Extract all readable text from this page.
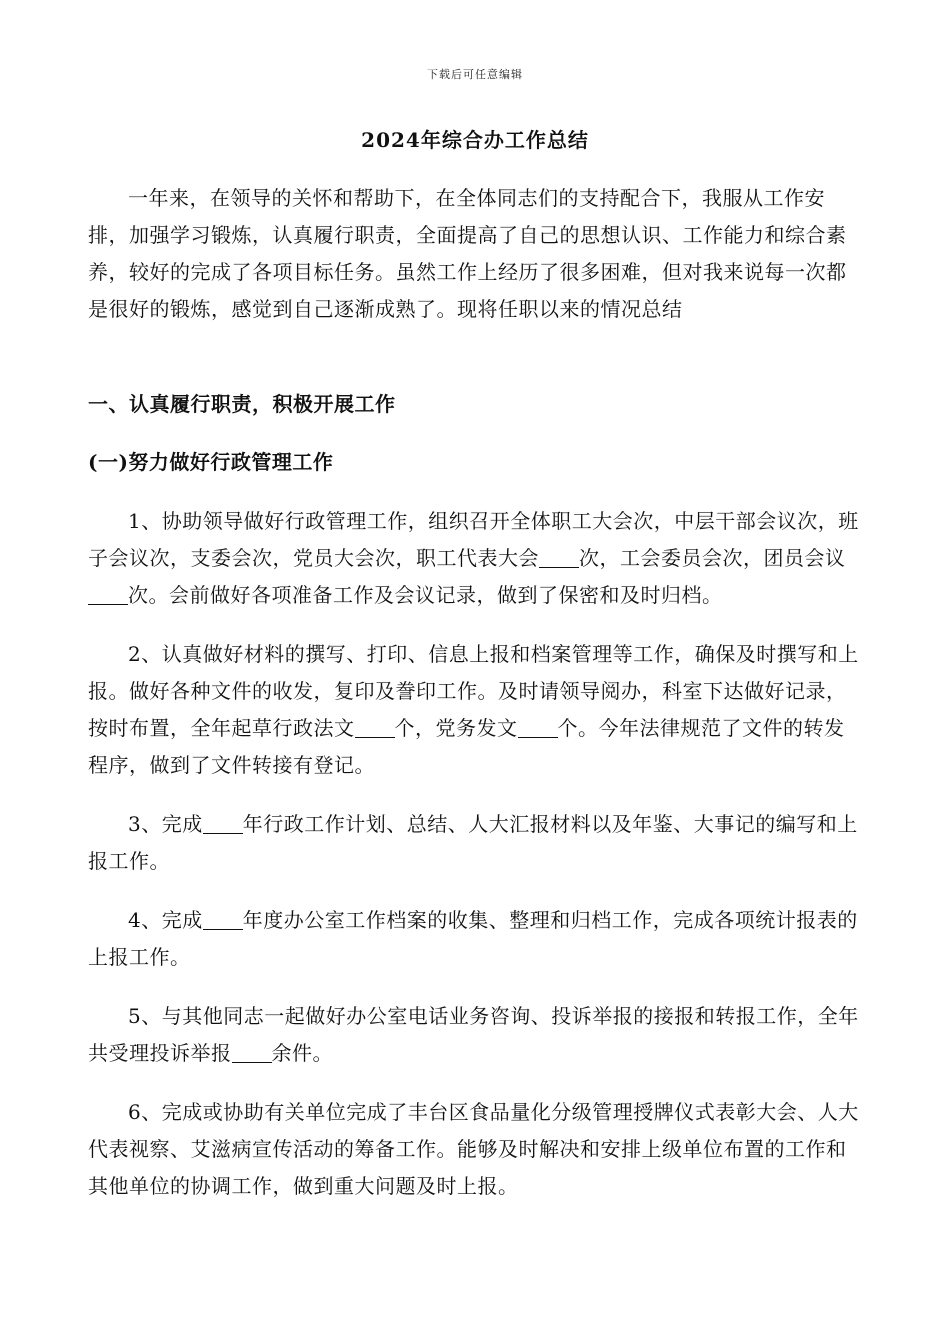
下载后可任意编辑
2024年综合办工作总结
一年来，在领导的关怀和帮助下，在全体同志们的支持配合下，我服从工作安排，加强学习锻炼，认真履行职责，全面提高了自己的思想认识、工作能力和综合素养，较好的完成了各项目标任务。虽然工作上经历了很多困难，但对我来说每一次都是很好的锻炼，感觉到自己逐渐成熟了。现将任职以来的情况总结
一、认真履行职责，积极开展工作
(一)努力做好行政管理工作
1、协助领导做好行政管理工作，组织召开全体职工大会次，中层干部会议次，班子会议次，支委会次，党员大会次，职工代表大会 次，工会委员会次，团员会议次。会前做好各项准备工作及会议记录，做到了保密和及时归档。
2、认真做好材料的撰写、打印、信息上报和档案管理等工作，确保及时撰写和上报。做好各种文件的收发，复印及誊印工作。及时请领导阅办，科室下达做好记录，按时布置，全年起草行政法文 个，党务发文 个。今年法律规范了文件的转发程序，做到了文件转接有登记。
3、完成 年行政工作计划、总结、人大汇报材料以及年鉴、大事记的编写和上报工作。
4、完成 年度办公室工作档案的收集、整理和归档工作，完成各项统计报表的上报工作。
5、与其他同志一起做好办公室电话业务咨询、投诉举报的接报和转报工作，全年共受理投诉举报 余件。
6、完成或协助有关单位完成了丰台区食品量化分级管理授牌仪式表彰大会、人大代表视察、艾滋病宣传活动的筹备工作。能够及时解决和安排上级单位布置的工作和其他单位的协调工作，做到重大问题及时上报。
